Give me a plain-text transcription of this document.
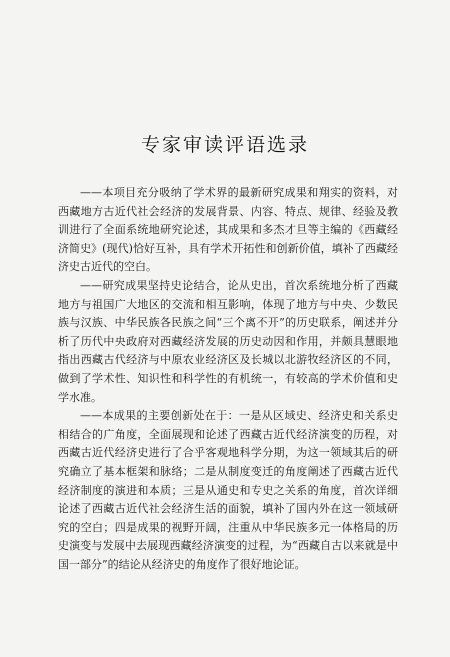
专家审读评语选录

——本项目充分吸纳了学术界的最新研究成果和翔实的资料，对西藏地方古近代社会经济的发展背景、内容、特点、规律、经验及教训进行了全面系统地研究论述，其成果和多杰才旦等主编的《西藏经济简史》(现代)恰好互补，具有学术开拓性和创新价值，填补了西藏经济史古近代的空白。

——研究成果坚持史论结合，论从史出，首次系统地分析了西藏地方与祖国广大地区的交流和相互影响，体现了地方与中央、少数民族与汉族、中华民族各民族之间“三个离不开”的历史联系，阐述并分析了历代中央政府对西藏经济发展的历史动因和作用，并颇具慧眼地指出西藏古代经济与中原农业经济区及长城以北游牧经济区的不同，做到了学术性、知识性和科学性的有机统一，有较高的学术价值和史学水准。

——本成果的主要创新处在于：一是从区域史、经济史和关系史相结合的广角度，全面展现和论述了西藏古近代经济演变的历程，对西藏古近代经济史进行了合乎客观地科学分期，为这一领域其后的研究确立了基本框架和脉络；二是从制度变迁的角度阐述了西藏古近代经济制度的演进和本质；三是从通史和专史之关系的角度，首次详细论述了西藏古近代社会经济生活的面貌，填补了国内外在这一领域研究的空白；四是成果的视野开阔，注重从中华民族多元一体格局的历史演变与发展中去展现西藏经济演变的过程，为“西藏自古以来就是中国一部分”的结论从经济史的角度作了很好地论证。
